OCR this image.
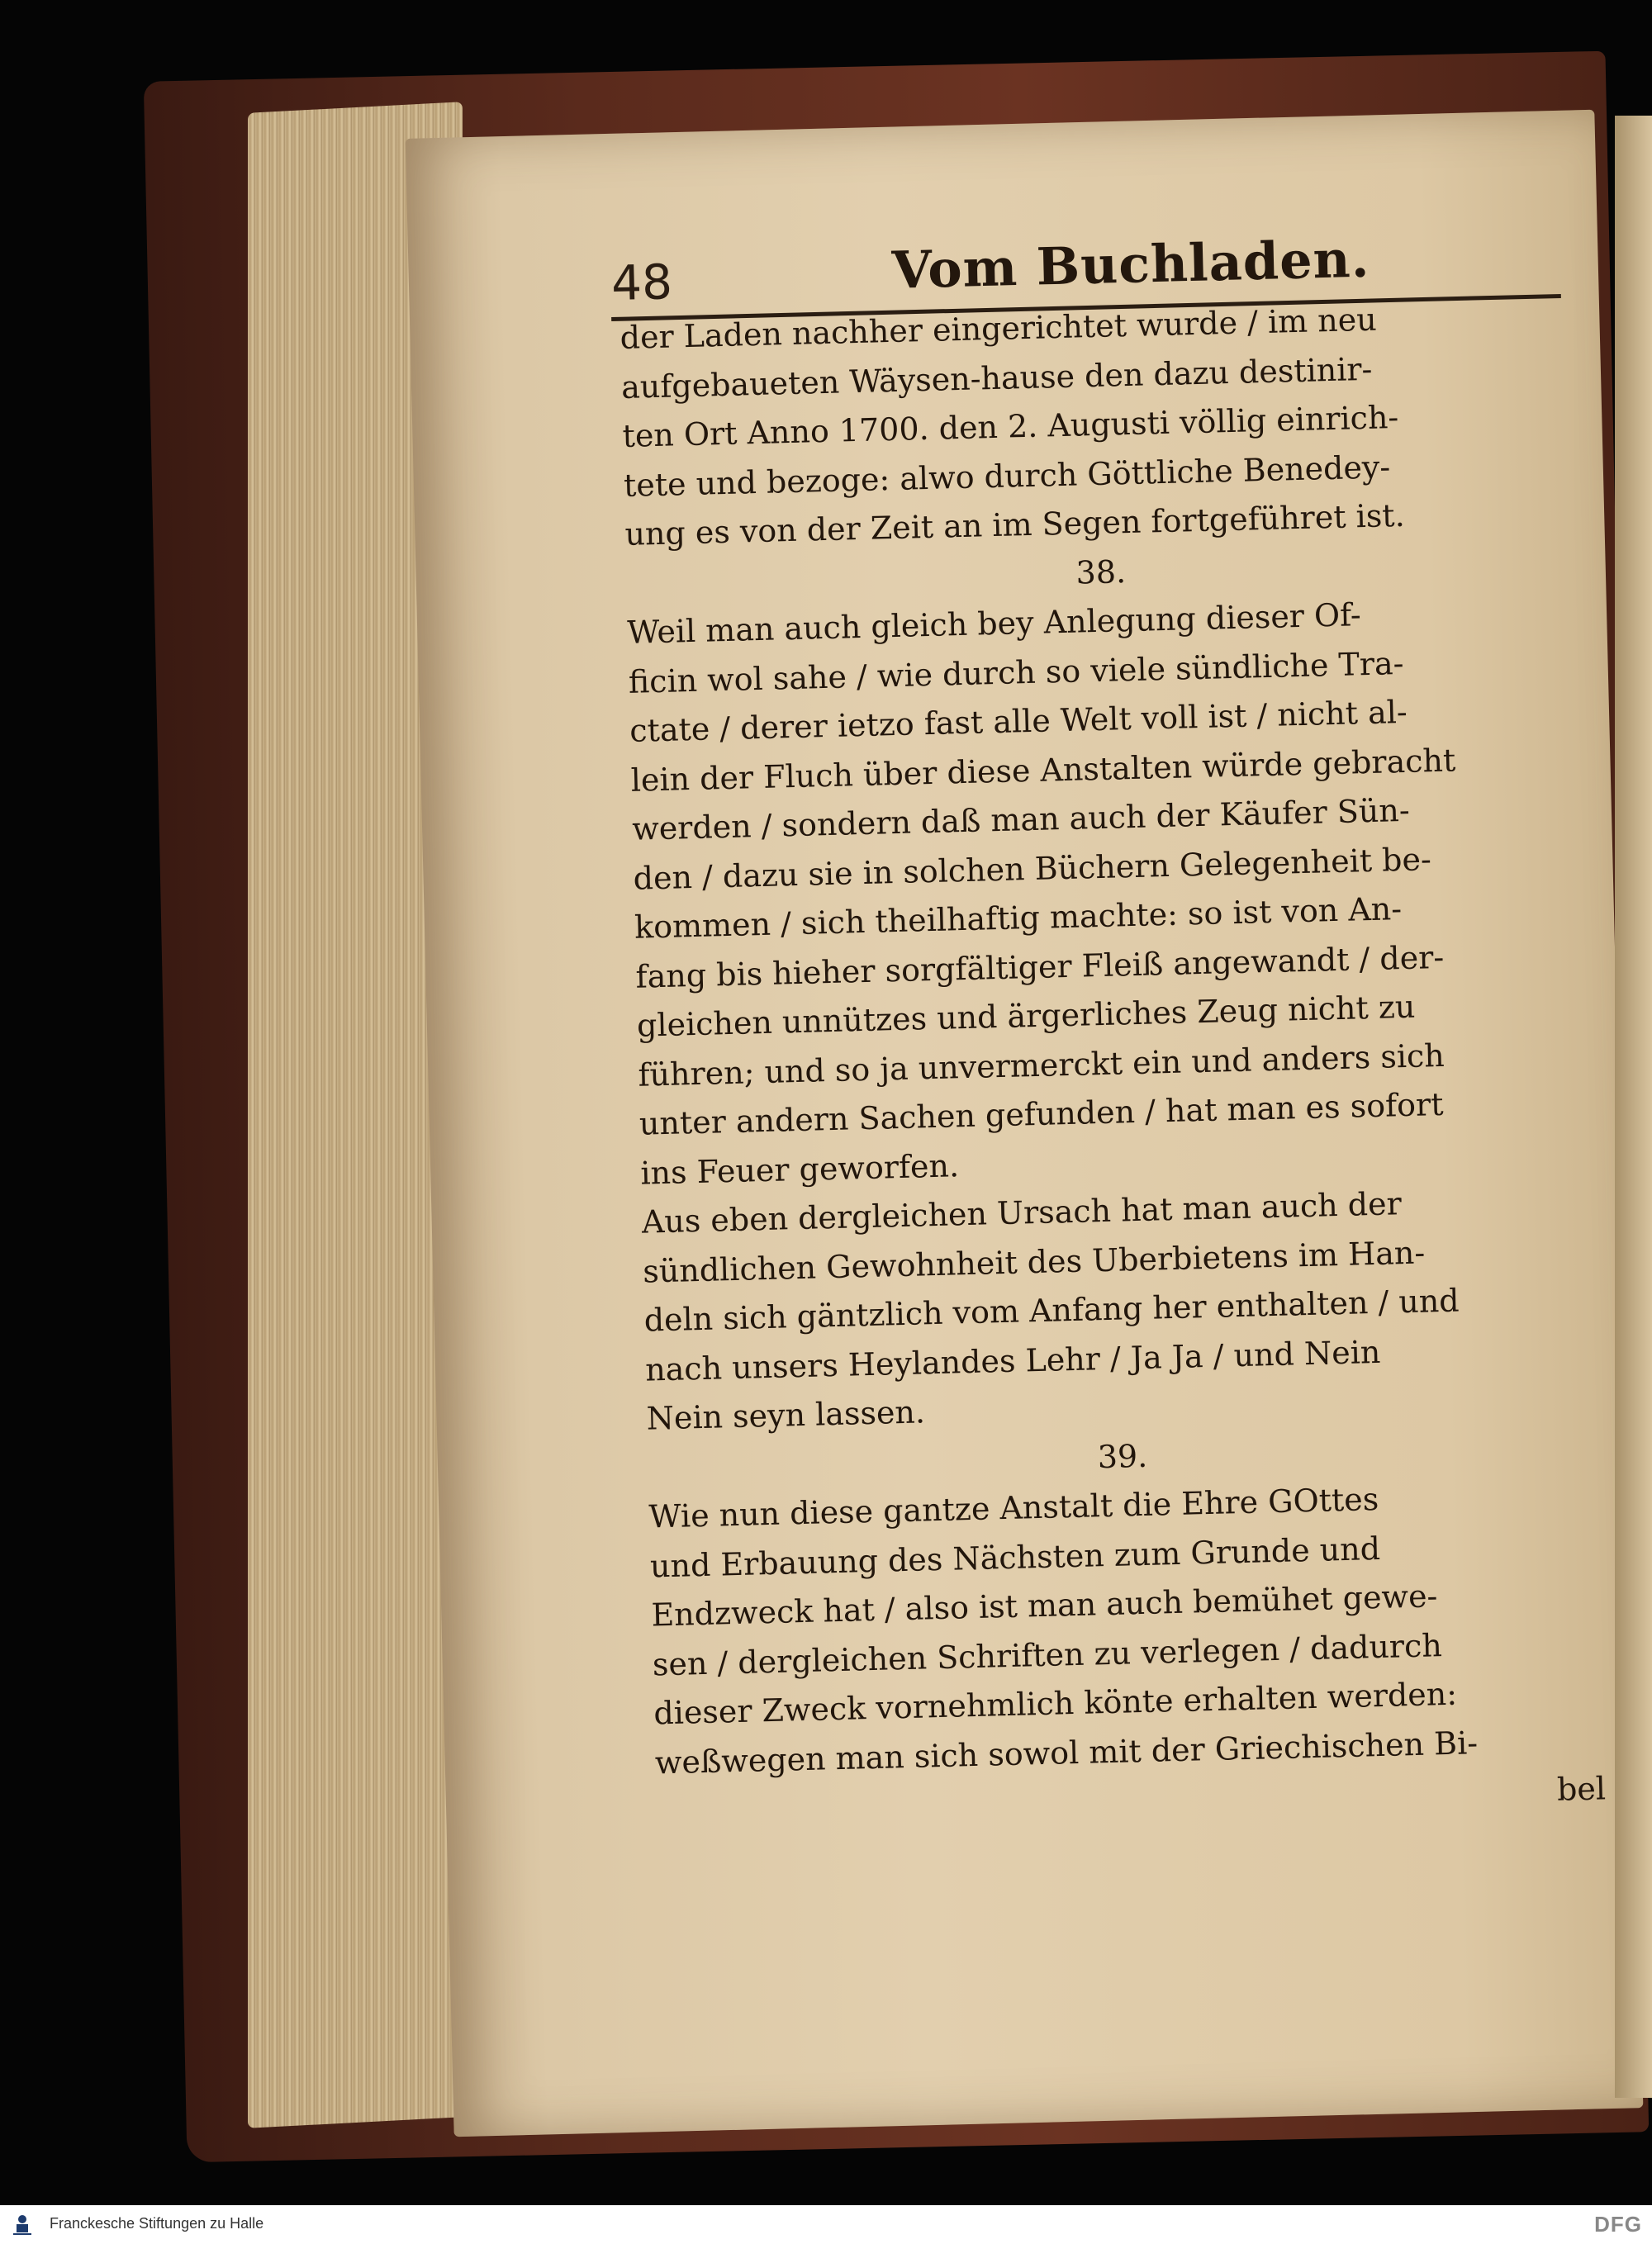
48	Vom Buchladen.
der Laden nachher eingerichtet wurde / im neu
aufgebaueten Wäysen-hause den dazu destinir-
ten Ort Anno 1700. den 2. Augusti völlig einrich-
tete und bezoge: alwo durch Göttliche Benedey-
ung es von der Zeit an im Segen fortgeführet ist.
38.
Weil man auch gleich bey Anlegung dieser Of-
ficin wol sahe / wie durch so viele sündliche Tra-
ctate / derer ietzo fast alle Welt voll ist / nicht al-
lein der Fluch über diese Anstalten würde gebracht
werden / sondern daß man auch der Käufer Sün-
den / dazu sie in solchen Büchern Gelegenheit be-
kommen / sich theilhaftig machte: so ist von An-
fang bis hieher sorgfältiger Fleiß angewandt / der-
gleichen unnützes und ärgerliches Zeug nicht zu
führen; und so ja unvermerckt ein und anders sich
unter andern Sachen gefunden / hat man es sofort
ins Feuer geworfen.
Aus eben dergleichen Ursach hat man auch der
sündlichen Gewohnheit des Uberbietens im Han-
deln sich gäntzlich vom Anfang her enthalten / und
nach unsers Heylandes Lehr / Ja Ja / und Nein
Nein seyn lassen.
39.
Wie nun diese gantze Anstalt die Ehre GOttes
und Erbauung des Nächsten zum Grunde und
Endzweck hat / also ist man auch bemühet gewe-
sen / dergleichen Schriften zu verlegen / dadurch
dieser Zweck vornehmlich könte erhalten werden:
weßwegen man sich sowol mit der Griechischen Bi-
bel
Franckesche Stiftungen zu Halle	DFG
